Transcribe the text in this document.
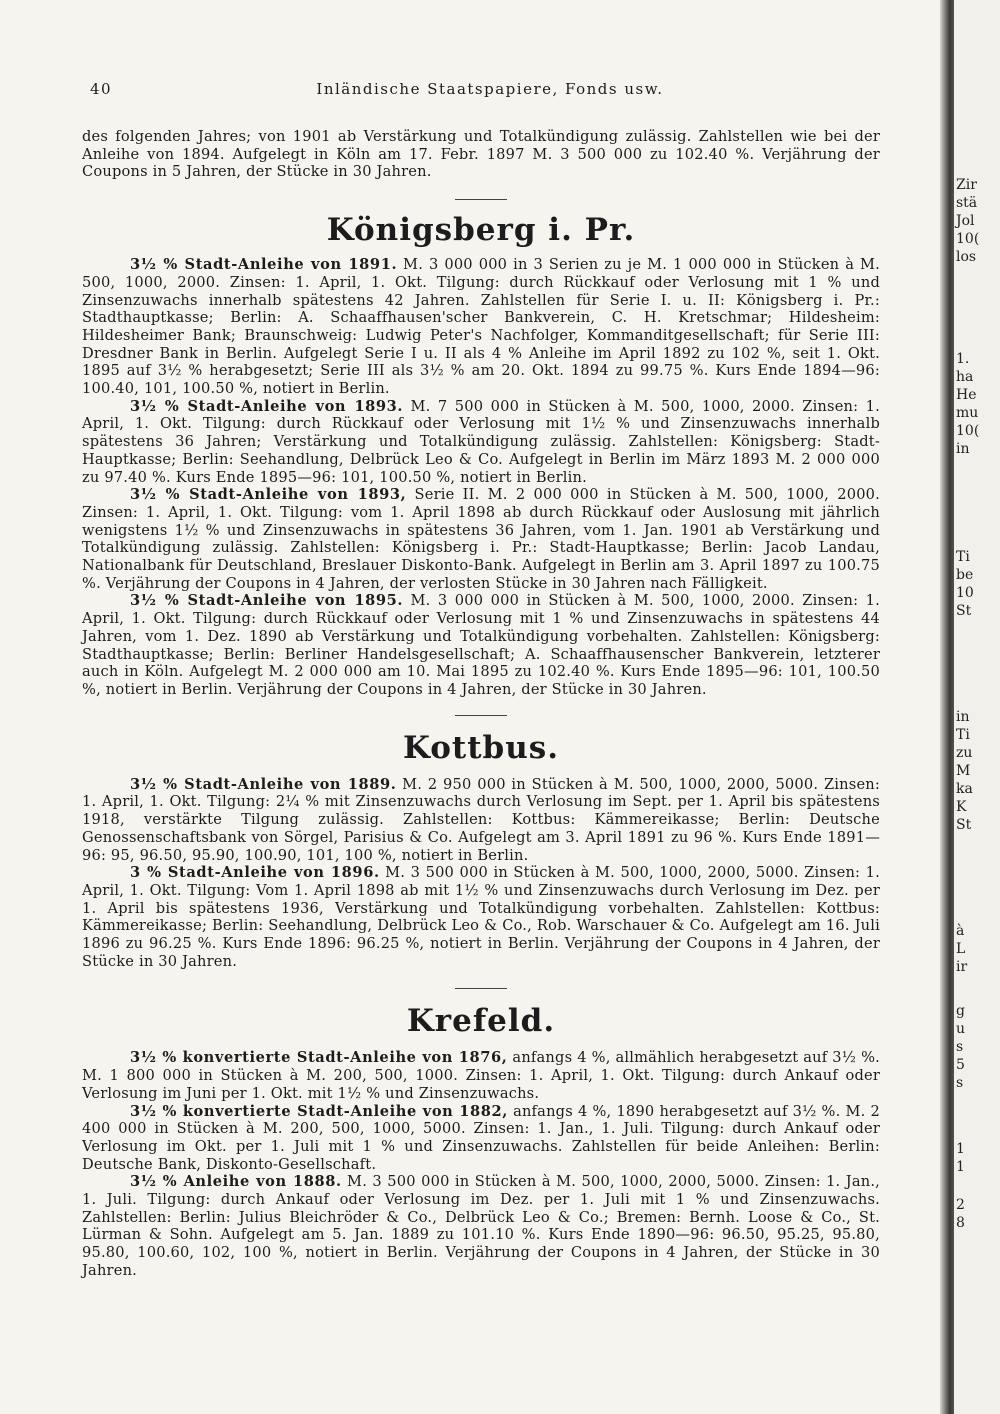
40	Inländische Staatspapiere, Fonds usw.

des folgenden Jahres; von 1901 ab Verstärkung und Totalkündigung zulässig. Zahlstellen wie bei der Anleihe von 1894. Aufgelegt in Köln am 17. Febr. 1897 M. 3 500 000 zu 102.40 %. Verjährung der Coupons in 5 Jahren, der Stücke in 30 Jahren.

Königsberg i. Pr.

3½ % Stadt-Anleihe von 1891. M. 3 000 000 in 3 Serien zu je M. 1 000 000 in Stücken à M. 500, 1000, 2000. Zinsen: 1. April, 1. Okt. Tilgung: durch Rückkauf oder Verlosung mit 1 % und Zinsenzuwachs innerhalb spätestens 42 Jahren. Zahlstellen für Serie I. u. II: Königsberg i. Pr.: Stadthauptkasse; Berlin: A. Schaaffhausen'scher Bankverein, C. H. Kretschmar; Hildesheim: Hildesheimer Bank; Braunschweig: Ludwig Peter's Nachfolger, Kommanditgesellschaft; für Serie III: Dresdner Bank in Berlin. Aufgelegt Serie I u. II als 4 % Anleihe im April 1892 zu 102 %, seit 1. Okt. 1895 auf 3½ % herabgesetzt; Serie III als 3½ % am 20. Okt. 1894 zu 99.75 %. Kurs Ende 1894—96: 100.40, 101, 100.50 %, notiert in Berlin.

3½ % Stadt-Anleihe von 1893. M. 7 500 000 in Stücken à M. 500, 1000, 2000. Zinsen: 1. April, 1. Okt. Tilgung: durch Rückkauf oder Verlosung mit 1½ % und Zinsenzuwachs innerhalb spätestens 36 Jahren; Verstärkung und Totalkündigung zulässig. Zahlstellen: Königsberg: Stadt-Hauptkasse; Berlin: Seehandlung, Delbrück Leo & Co. Aufgelegt in Berlin im März 1893 M. 2 000 000 zu 97.40 %. Kurs Ende 1895—96: 101, 100.50 %, notiert in Berlin.

3½ % Stadt-Anleihe von 1893, Serie II. M. 2 000 000 in Stücken à M. 500, 1000, 2000. Zinsen: 1. April, 1. Okt. Tilgung: vom 1. April 1898 ab durch Rückkauf oder Auslosung mit jährlich wenigstens 1½ % und Zinsenzuwachs in spätestens 36 Jahren, vom 1. Jan. 1901 ab Verstärkung und Totalkündigung zulässig. Zahlstellen: Königsberg i. Pr.: Stadt-Hauptkasse; Berlin: Jacob Landau, Nationalbank für Deutschland, Breslauer Diskonto-Bank. Aufgelegt in Berlin am 3. April 1897 zu 100.75 %. Verjährung der Coupons in 4 Jahren, der verlosten Stücke in 30 Jahren nach Fälligkeit.

3½ % Stadt-Anleihe von 1895. M. 3 000 000 in Stücken à M. 500, 1000, 2000. Zinsen: 1. April, 1. Okt. Tilgung: durch Rückkauf oder Verlosung mit 1 % und Zinsenzuwachs in spätestens 44 Jahren, vom 1. Dez. 1890 ab Verstärkung und Totalkündigung vorbehalten. Zahlstellen: Königsberg: Stadthauptkasse; Berlin: Berliner Handelsgesellschaft; A. Schaaffhausenscher Bankverein, letzterer auch in Köln. Aufgelegt M. 2 000 000 am 10. Mai 1895 zu 102.40 %. Kurs Ende 1895—96: 101, 100.50 %, notiert in Berlin. Verjährung der Coupons in 4 Jahren, der Stücke in 30 Jahren.

Kottbus.

3½ % Stadt-Anleihe von 1889. M. 2 950 000 in Stücken à M. 500, 1000, 2000, 5000. Zinsen: 1. April, 1. Okt. Tilgung: 2¼ % mit Zinsenzuwachs durch Verlosung im Sept. per 1. April bis spätestens 1918, verstärkte Tilgung zulässig. Zahlstellen: Kottbus: Kämmereikasse; Berlin: Deutsche Genossenschaftsbank von Sörgel, Parisius & Co. Aufgelegt am 3. April 1891 zu 96 %. Kurs Ende 1891—96: 95, 96.50, 95.90, 100.90, 101, 100 %, notiert in Berlin.

3 % Stadt-Anleihe von 1896. M. 3 500 000 in Stücken à M. 500, 1000, 2000, 5000. Zinsen: 1. April, 1. Okt. Tilgung: Vom 1. April 1898 ab mit 1½ % und Zinsenzuwachs durch Verlosung im Dez. per 1. April bis spätestens 1936, Verstärkung und Totalkündigung vorbehalten. Zahlstellen: Kottbus: Kämmereikasse; Berlin: Seehandlung, Delbrück Leo & Co., Rob. Warschauer & Co. Aufgelegt am 16. Juli 1896 zu 96.25 %. Kurs Ende 1896: 96.25 %, notiert in Berlin. Verjährung der Coupons in 4 Jahren, der Stücke in 30 Jahren.

Krefeld.

3½ % konvertierte Stadt-Anleihe von 1876, anfangs 4 %, allmählich herabgesetzt auf 3½ %. M. 1 800 000 in Stücken à M. 200, 500, 1000. Zinsen: 1. April, 1. Okt. Tilgung: durch Ankauf oder Verlosung im Juni per 1. Okt. mit 1½ % und Zinsenzuwachs.

3½ % konvertierte Stadt-Anleihe von 1882, anfangs 4 %, 1890 herabgesetzt auf 3½ %. M. 2 400 000 in Stücken à M. 200, 500, 1000, 5000. Zinsen: 1. Jan., 1. Juli. Tilgung: durch Ankauf oder Verlosung im Okt. per 1. Juli mit 1 % und Zinsenzuwachs. Zahlstellen für beide Anleihen: Berlin: Deutsche Bank, Diskonto-Gesellschaft.

3½ % Anleihe von 1888. M. 3 500 000 in Stücken à M. 500, 1000, 2000, 5000. Zinsen: 1. Jan., 1. Juli. Tilgung: durch Ankauf oder Verlosung im Dez. per 1. Juli mit 1 % und Zinsenzuwachs. Zahlstellen: Berlin: Julius Bleichröder & Co., Delbrück Leo & Co.; Bremen: Bernh. Loose & Co., St. Lürman & Sohn. Aufgelegt am 5. Jan. 1889 zu 101.10 %. Kurs Ende 1890—96: 96.50, 95.25, 95.80, 95.80, 100.60, 102, 100 %, notiert in Berlin. Verjährung der Coupons in 4 Jahren, der Stücke in 30 Jahren.

Zir
stä
Jol
10(
los
1.
ha
He
mu
10(
in
Ti
be
10
St
in
Ti
zu
M
ka
K
St
à
L
ir
g
u
s
5
s
1
1
2
8
